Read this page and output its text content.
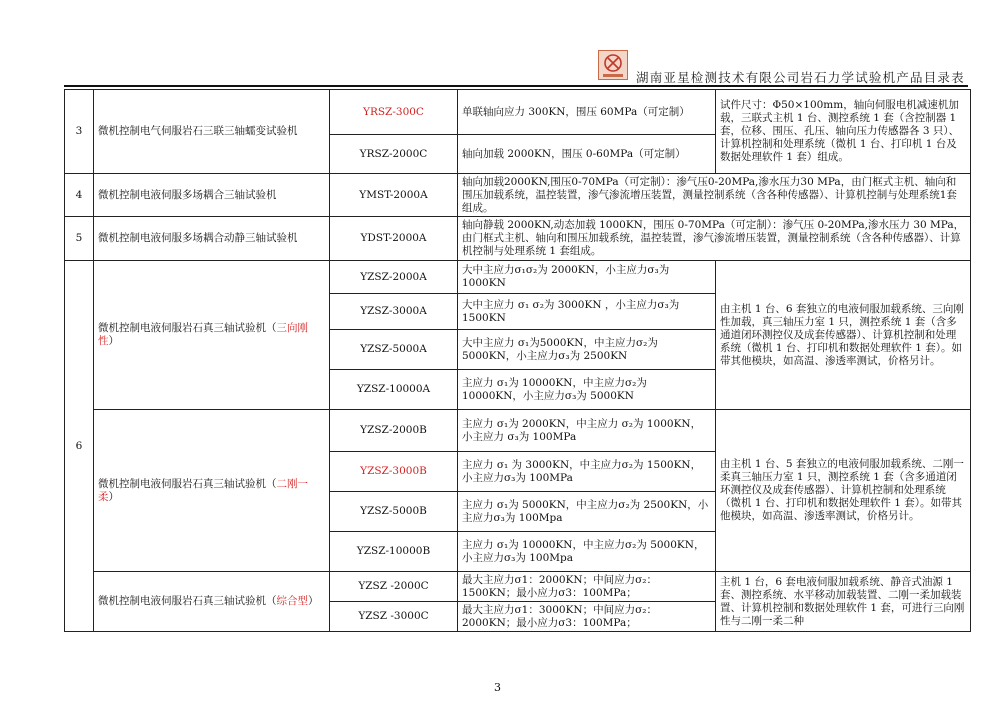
湖南亚星检测技术有限公司岩石力学试验机产品目录表
3	微机控制电气伺服岩石三联三轴蠕变试验机	YRSZ-300C	单联轴向应力 300KN，围压 60MPa（可定制）	试件尺寸：Φ50×100mm，轴向伺服电机减速机加载，三联式主机 1 台、测控系统 1 套（含控制器 1 套，位移、围压、孔压、轴向压力传感器各 3 只）、计算机控制和处理系统（微机 1 台、打印机 1 台及数据处理软件 1 套）组成。
		YRSZ-2000C	轴向加载 2000KN，围压 0-60MPa（可定制）	
4	微机控制电液伺服多场耦合三轴试验机	YMST-2000A	轴向加载2000KN,围压0-70MPa（可定制）：渗气压0-20MPa,渗水压力30 MPa，由门框式主机、轴向和围压加载系统，温控装置，渗气渗流增压装置，测量控制系统（含各种传感器）、计算机控制与处理系统1套组成。	
5	微机控制电液伺服多场耦合动静三轴试验机	YDST-2000A	轴向静载 2000KN,动态加载 1000KN，围压 0-70MPa（可定制）：渗气压 0-20MPa,渗水压力 30 MPa，由门框式主机、轴向和围压加载系统，温控装置，渗气渗流增压装置，测量控制系统（含各种传感器）、计算机控制与处理系统 1 套组成。	
6	微机控制电液伺服岩石真三轴试验机（三向刚性）	YZSZ-2000A	大中主应力σ₁σ₂为 2000KN，小主应力σ₃为 1000KN	由主机 1 台、6 套独立的电液伺服加载系统、三向刚性加载，真三轴压力室 1 只，测控系统 1 套（含多通道闭环测控仪及成套传感器）、计算机控制和处理系统（微机 1 台、打印机和数据处理软件 1 套）。如带其他模块，如高温、渗透率测试，价格另计。
		YZSZ-3000A	大中主应力 σ₁ σ₂为 3000KN ，小主应力σ₃为 1500KN	
		YZSZ-5000A	大中主应力 σ₁为5000KN，中主应力σ₂为5000KN，小主应力σ₃为 2500KN	
		YZSZ-10000A	主应力 σ₁为 10000KN，中主应力σ₂为 10000KN，小主应力σ₃为 5000KN	
	微机控制电液伺服岩石真三轴试验机（二刚一柔）	YZSZ-2000B	主应力 σ₁为 2000KN，中主应力 σ₂为 1000KN，小主应力 σ₃为 100MPa	由主机 1 台、5 套独立的电液伺服加载系统、二刚一柔真三轴压力室 1 只，测控系统 1 套（含多通道闭环测控仪及成套传感器）、计算机控制和处理系统（微机 1 台、打印机和数据处理软件 1 套）。如带其他模块，如高温、渗透率测试，价格另计。
		YZSZ-3000B	主应力 σ₁ 为 3000KN，中主应力σ₂为 1500KN，小主应力σ₃为 100MPa	
		YZSZ-5000B	主应力 σ₁为 5000KN，中主应力σ₂为 2500KN，小主应力σ₃为 100Mpa	
		YZSZ-10000B	主应力 σ₁为 10000KN，中主应力σ₂为 5000KN，小主应力σ₃为 100Mpa	
	微机控制电液伺服岩石真三轴试验机（综合型）	YZSZ -2000C	最大主应力σ1：2000KN；中间应力σ₂：1500KN；最小应力σ3：100MPa；	主机 1 台，6 套电液伺服加载系统、静音式油源 1 套、测控系统、水平移动加载装置、二刚一柔加载装置、计算机控制和数据处理软件 1 套，可进行三向刚性与二刚一柔二种
		YZSZ -3000C	最大主应力σ1：3000KN；中间应力σ₂：2000KN；最小应力σ3：100MPa；	
3
